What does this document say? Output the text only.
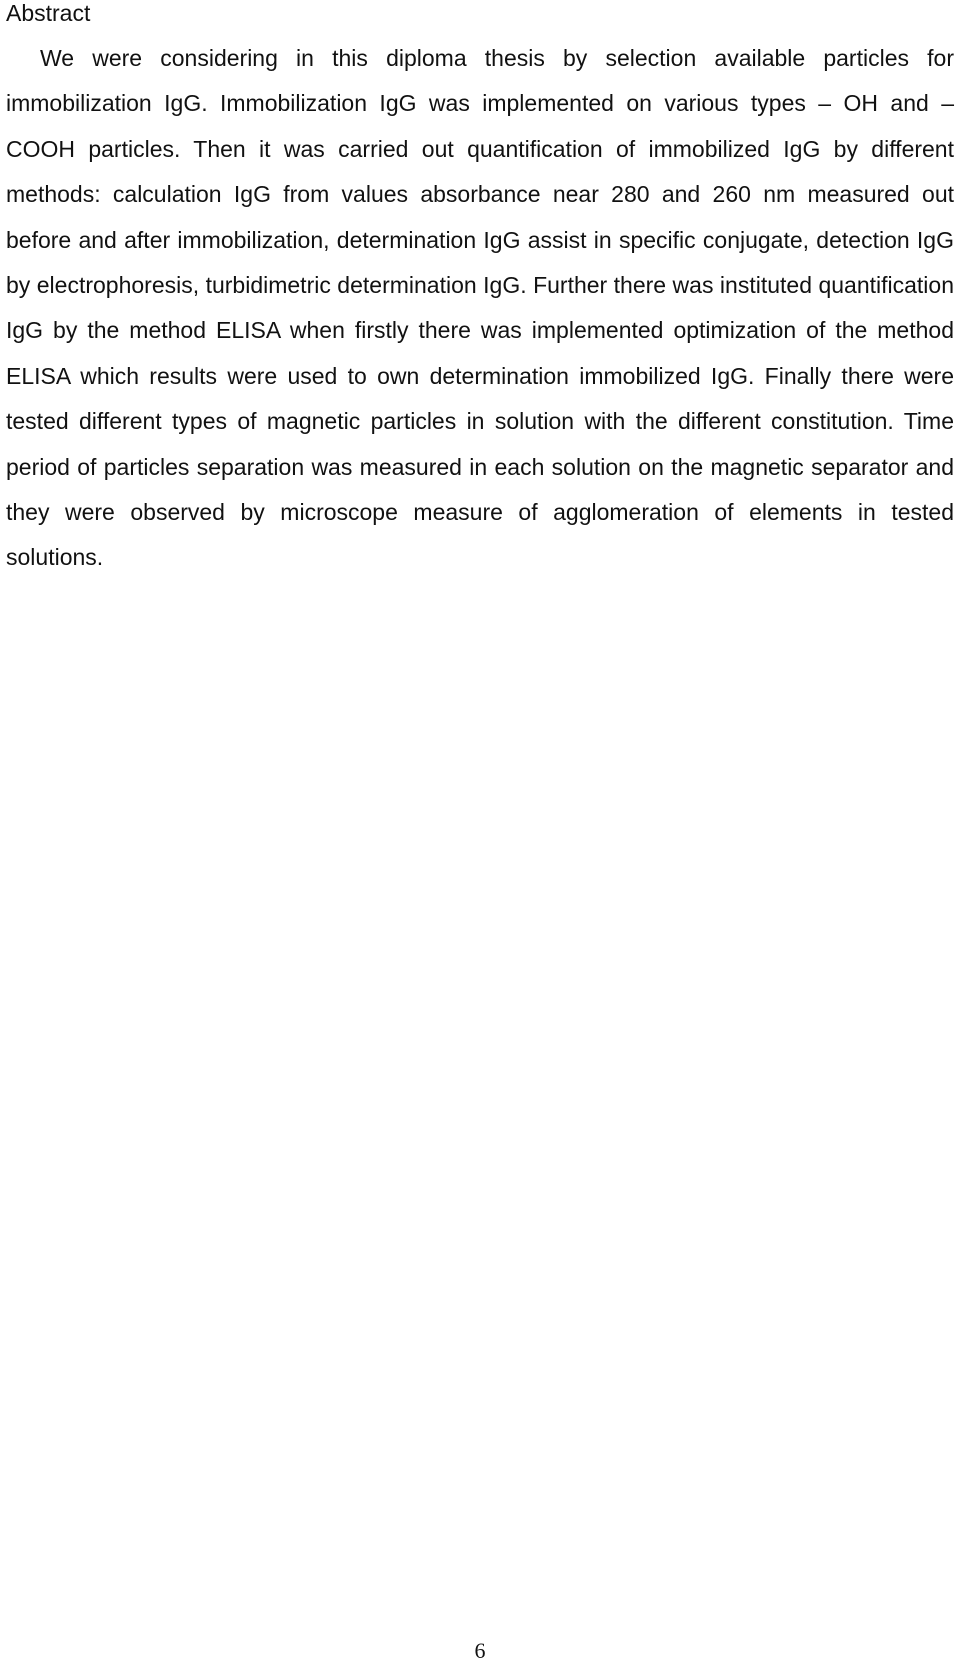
Abstract

We were considering in this diploma thesis by selection available particles for immobilization IgG. Immobilization IgG was implemented on various types – OH and – COOH particles. Then it was carried out quantification of immobilized IgG by different methods: calculation IgG from values absorbance near 280 and 260 nm measured out before and after immobilization, determination IgG assist in specific conjugate, detection IgG by electrophoresis, turbidimetric determination IgG. Further there was instituted quantification IgG by the method ELISA when firstly there was implemented optimization of the method ELISA which results were used to own determination immobilized IgG. Finally there were tested different types of magnetic particles in solution with the different constitution. Time period of particles separation was measured in each solution on the magnetic separator and they were observed by microscope measure of agglomeration of elements in tested solutions.

6
